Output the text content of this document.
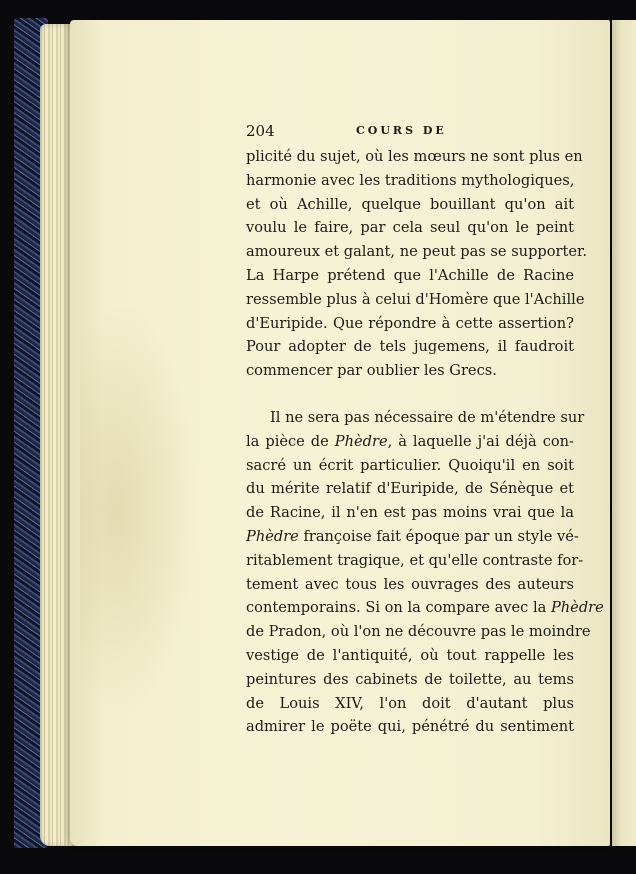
204	COURS DE
plicité du sujet, où les mœurs ne sont plus en
harmonie avec les traditions mythologiques,
et où Achille, quelque bouillant qu'on ait
voulu le faire, par cela seul qu'on le peint
amoureux et galant, ne peut pas se supporter.
La Harpe prétend que l'Achille de Racine
ressemble plus à celui d'Homère que l'Achille
d'Euripide. Que répondre à cette assertion?
Pour adopter de tels jugemens, il faudroit
commencer par oublier les Grecs.
Il ne sera pas nécessaire de m'étendre sur
la pièce de Phèdre, à laquelle j'ai déjà con-
sacré un écrit particulier. Quoiqu'il en soit
du mérite relatif d'Euripide, de Sénèque et
de Racine, il n'en est pas moins vrai que la
Phèdre françoise fait époque par un style vé-
ritablement tragique, et qu'elle contraste for-
tement avec tous les ouvrages des auteurs
contemporains. Si on la compare avec la Phèdre
de Pradon, où l'on ne découvre pas le moindre
vestige de l'antiquité, où tout rappelle les
peintures des cabinets de toilette, au tems
de Louis XIV, l'on doit d'autant plus
admirer le poëte qui, pénétré du sentiment
